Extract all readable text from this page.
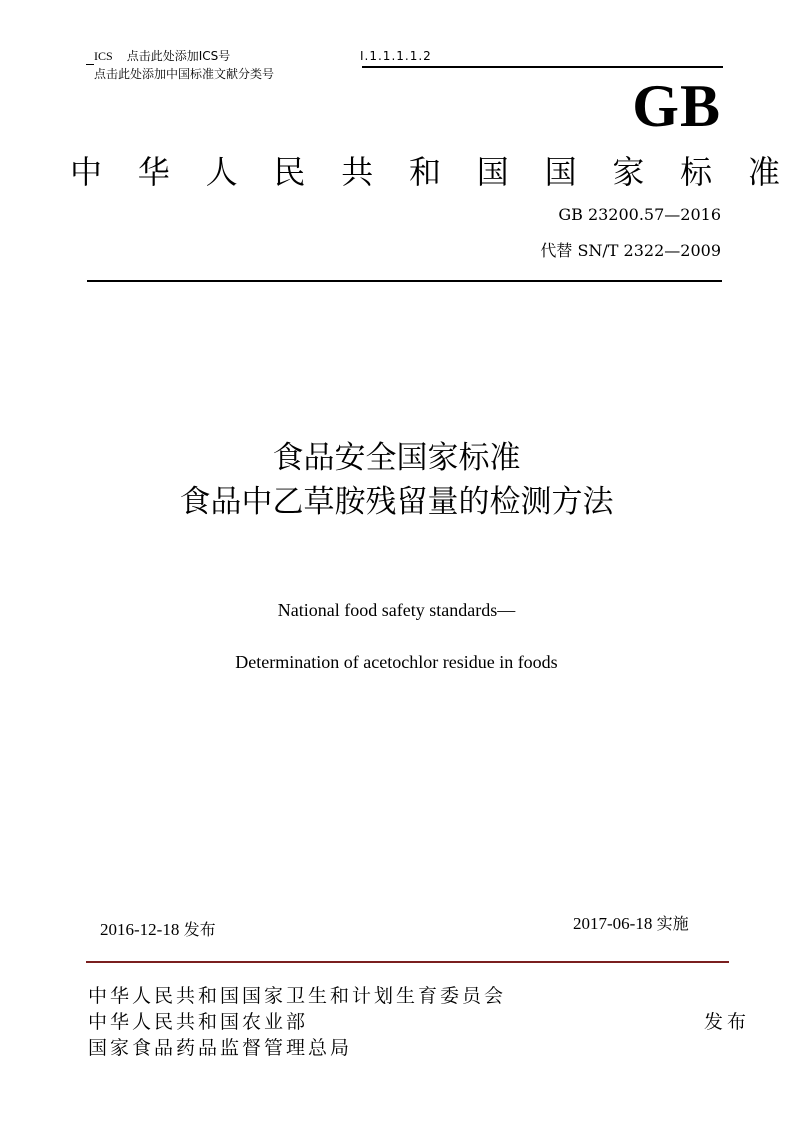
ICS 点击此处添加ICS号
点击此处添加中国标准文献分类号
I.1.1.1.1.2
GB
中 华 人 民 共 和 国 国 家 标 准
GB 23200.57—2016
代替 SN/T 2322—2009
食品安全国家标准
食品中乙草胺残留量的检测方法
National food safety standards—
Determination of acetochlor residue in foods
2016-12-18 发布	2017-06-18 实施
中华人民共和国国家卫生和计划生育委员会
中华人民共和国农业部
国家食品药品监督管理总局
发布
